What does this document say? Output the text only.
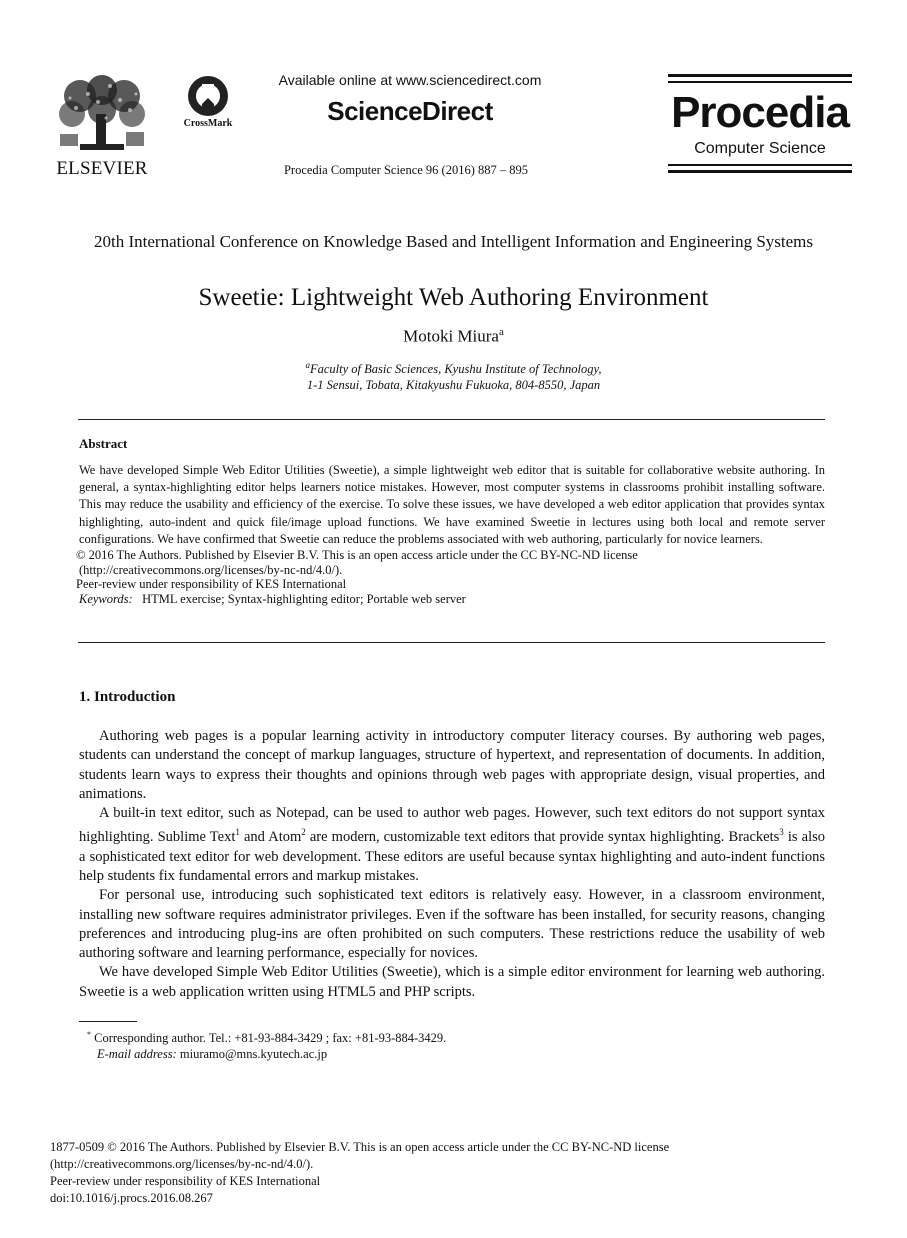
ELSEVIER
CrossMark
Available online at www.sciencedirect.com
ScienceDirect
Procedia Computer Science 96 (2016) 887 – 895
Procedia
Computer Science
20th International Conference on Knowledge Based and Intelligent Information and Engineering Systems
Sweetie: Lightweight Web Authoring Environment
Motoki Miura$^a$
$^a$Faculty of Basic Sciences, Kyushu Institute of Technology,
1-1 Sensui, Tobata, Kitakyushu Fukuoka, 804-8550, Japan
Abstract
We have developed Simple Web Editor Utilities (Sweetie), a simple lightweight web editor that is suitable for collaborative website authoring. In general, a syntax-highlighting editor helps learners notice mistakes. However, most computer systems in classrooms prohibit installing software. This may reduce the usability and efficiency of the exercise. To solve these issues, we have developed a web editor application that provides syntax highlighting, auto-indent and quick file/image upload functions. We have examined Sweetie in lectures using both local and remote server configurations. We have confirmed that Sweetie can reduce the problems associated with web authoring, particularly for novice learners.
© 2016 The Authors. Published by Elsevier B.V. This is an open access article under the CC BY-NC-ND license
(http://creativecommons.org/licenses/by-nc-nd/4.0/).
Peer-review under responsibility of KES International
Keywords: HTML exercise; Syntax-highlighting editor; Portable web server
1. Introduction

Authoring web pages is a popular learning activity in introductory computer literacy courses. By authoring web pages, students can understand the concept of markup languages, structure of hypertext, and representation of documents. In addition, students learn ways to express their thoughts and opinions through web pages with appropriate design, visual properties, and animations.

A built-in text editor, such as Notepad, can be used to author web pages. However, such text editors do not support syntax highlighting. Sublime Text$^1$ and Atom$^2$ are modern, customizable text editors that provide syntax highlighting. Brackets$^3$ is also a sophisticated text editor for web development. These editors are useful because syntax highlighting and auto-indent functions help students fix fundamental errors and markup mistakes.

For personal use, introducing such sophisticated text editors is relatively easy. However, in a classroom environment, installing new software requires administrator privileges. Even if the software has been installed, for security reasons, changing preferences and introducing plug-ins are often prohibited on such computers. These restrictions reduce the usability of web authoring software and learning performance, especially for novices.

We have developed Simple Web Editor Utilities (Sweetie), which is a simple editor environment for learning web authoring. Sweetie is a web application written using HTML5 and PHP scripts.

* Corresponding author. Tel.: +81-93-884-3429 ; fax: +81-93-884-3429.
E-mail address: miuramo@mns.kyutech.ac.jp
1877-0509 © 2016 The Authors. Published by Elsevier B.V. This is an open access article under the CC BY-NC-ND license
(http://creativecommons.org/licenses/by-nc-nd/4.0/).
Peer-review under responsibility of KES International
doi:10.1016/j.procs.2016.08.267
